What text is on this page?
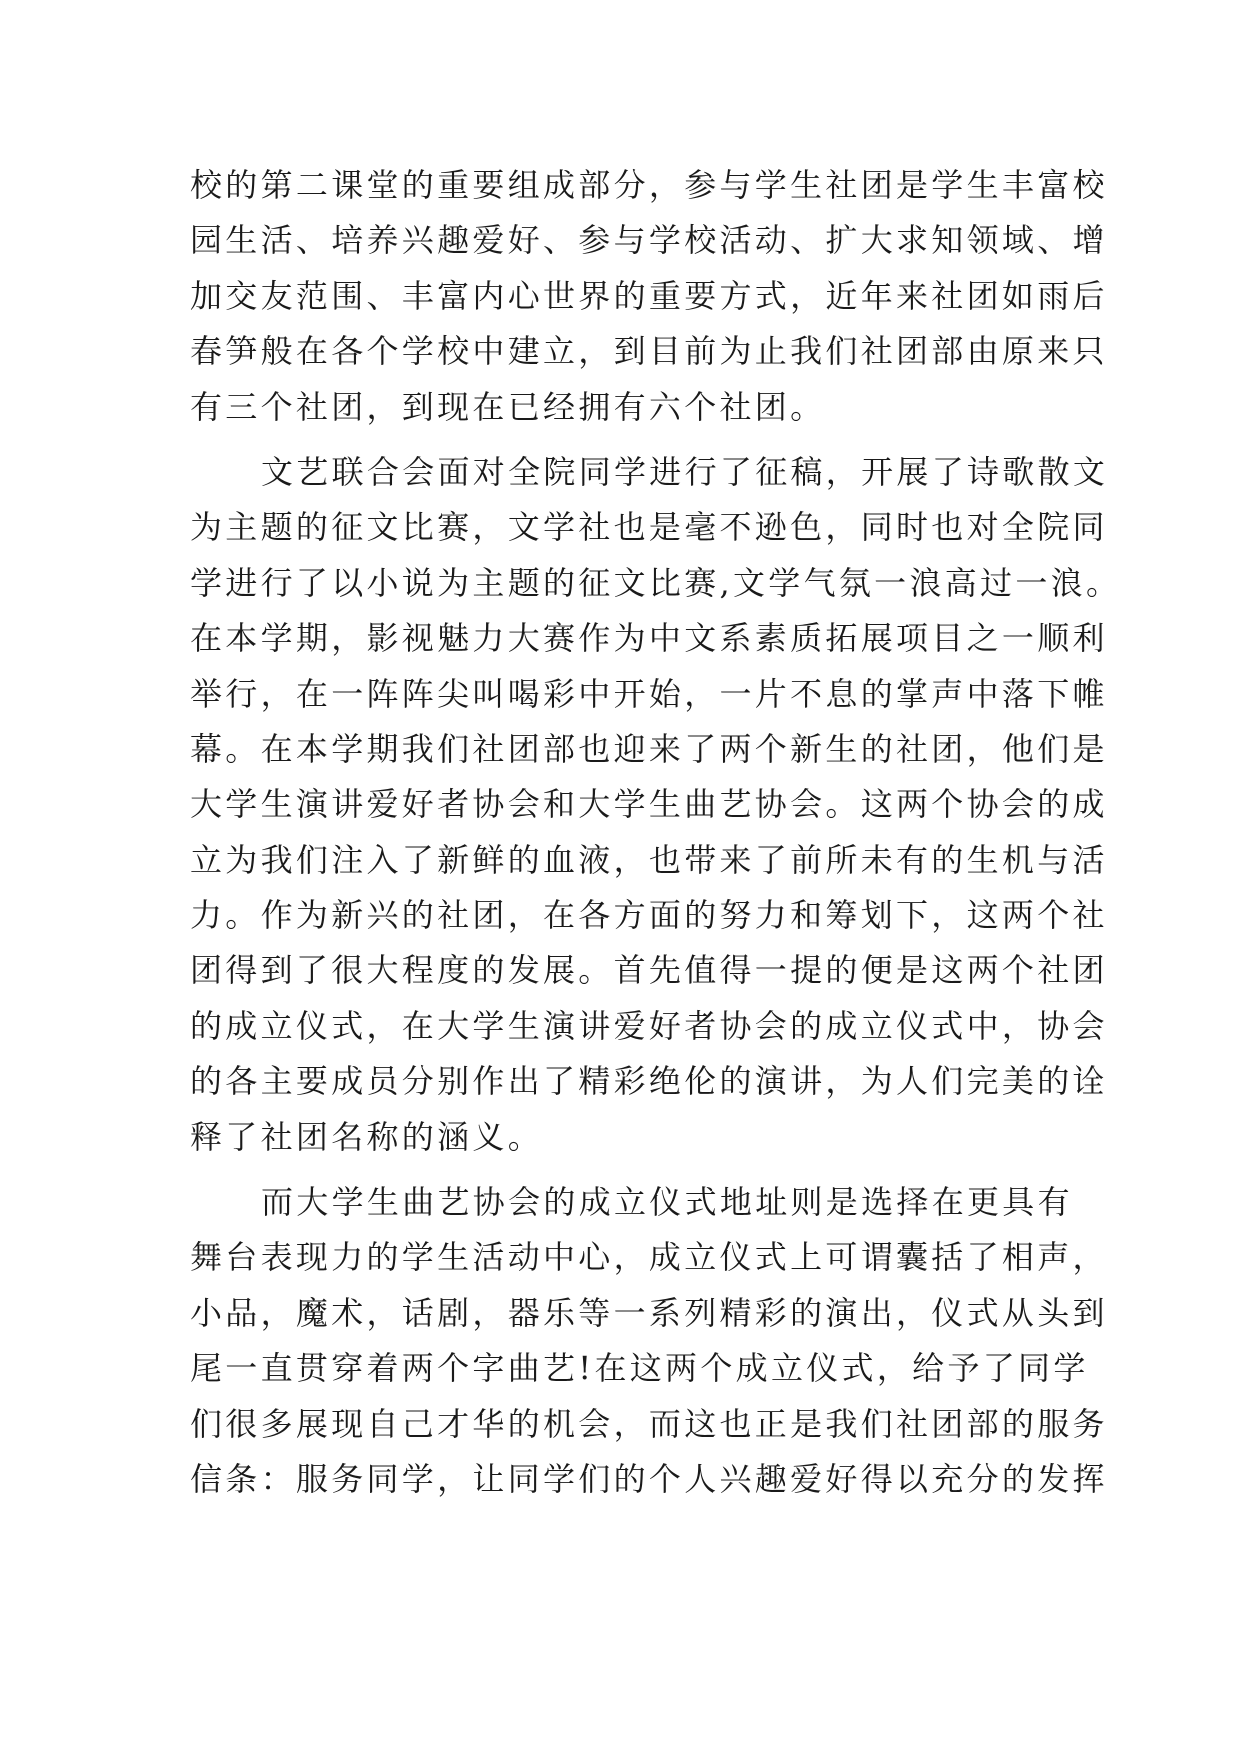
校的第二课堂的重要组成部分，参与学生社团是学生丰富校
园生活、培养兴趣爱好、参与学校活动、扩大求知领域、增
加交友范围、丰富内心世界的重要方式，近年来社团如雨后
春笋般在各个学校中建立，到目前为止我们社团部由原来只
有三个社团，到现在已经拥有六个社团。
文艺联合会面对全院同学进行了征稿，开展了诗歌散文
为主题的征文比赛，文学社也是毫不逊色，同时也对全院同
学进行了以小说为主题的征文比赛,文学气氛一浪高过一浪。
在本学期，影视魅力大赛作为中文系素质拓展项目之一顺利
举行，在一阵阵尖叫喝彩中开始，一片不息的掌声中落下帷
幕。在本学期我们社团部也迎来了两个新生的社团，他们是
大学生演讲爱好者协会和大学生曲艺协会。这两个协会的成
立为我们注入了新鲜的血液，也带来了前所未有的生机与活
力。作为新兴的社团，在各方面的努力和筹划下，这两个社
团得到了很大程度的发展。首先值得一提的便是这两个社团
的成立仪式，在大学生演讲爱好者协会的成立仪式中，协会
的各主要成员分别作出了精彩绝伦的演讲，为人们完美的诠
释了社团名称的涵义。
而大学生曲艺协会的成立仪式地址则是选择在更具有
舞台表现力的学生活动中心，成立仪式上可谓囊括了相声，
小品，魔术，话剧，器乐等一系列精彩的演出，仪式从头到
尾一直贯穿着两个字曲艺!在这两个成立仪式，给予了同学
们很多展现自己才华的机会，而这也正是我们社团部的服务
信条：服务同学，让同学们的个人兴趣爱好得以充分的发挥
